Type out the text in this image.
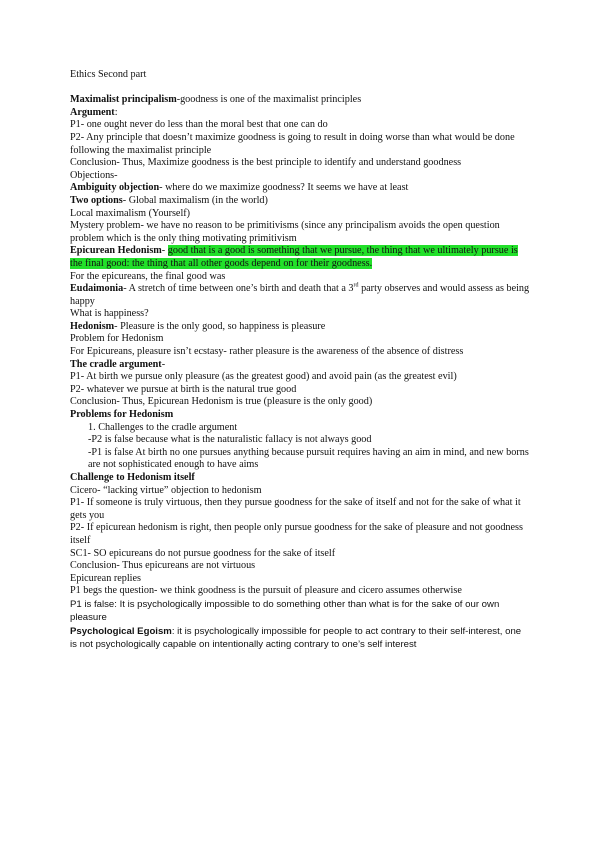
Ethics Second part
Maximalist principalism-goodness is one of the maximalist principles
Argument:
P1- one ought never do less than the moral best that one can do
P2- Any principle that doesn’t maximize goodness is going to result in doing worse than what would be done following the maximalist principle
Conclusion- Thus, Maximize goodness is the best principle to identify and understand goodness
Objections-
Ambiguity objection- where do we maximize goodness? It seems we have at least
Two options- Global maximalism (in the world)
Local maximalism (Yourself)
Mystery problem- we have no reason to be primitivisms (since any principalism avoids the open question problem which is the only thing motivating primitivism
Epicurean Hedonism- good that is a good is something that we pursue, the thing that we ultimately pursue is the final good: the thing that all other goods depend on for their goodness.
For the epicureans, the final good was
Eudaimonia- A stretch of time between one’s birth and death that a 3rd party observes and would assess as being happy
What is happiness?
Hedonism- Pleasure is the only good, so happiness is pleasure
Problem for Hedonism
For Epicureans, pleasure isn’t ecstasy- rather pleasure is the awareness of the absence of distress
The cradle argument-
P1- At birth we pursue only pleasure (as the greatest good) and avoid pain (as the greatest evil)
P2- whatever we pursue at birth is the natural true good
Conclusion- Thus, Epicurean Hedonism is true (pleasure is the only good)
Problems for Hedonism
1. Challenges to the cradle argument
-P2 is false because what is the naturalistic fallacy is not always good
-P1 is false At birth no one pursues anything because pursuit requires having an aim in mind, and new borns are not sophisticated enough to have aims
Challenge to Hedonism itself
Cicero- “lacking virtue” objection to hedonism
P1- If someone is truly virtuous, then they pursue goodness for the sake of itself and not for the sake of what it gets you
P2- If epicurean hedonism is right, then people only pursue goodness for the sake of pleasure and not goodness itself
SC1- SO epicureans do not pursue goodness for the sake of itself
Conclusion- Thus epicureans are not virtuous
Epicurean replies
P1 begs the question- we think goodness is the pursuit of pleasure and cicero assumes otherwise
P1 is false: It is psychologically impossible to do something other than what is for the sake of our own pleasure
Psychological Egoism: it is psychologically impossible for people to act contrary to their self-interest, one is not psychologically capable on intentionally acting contrary to one’s self interest
